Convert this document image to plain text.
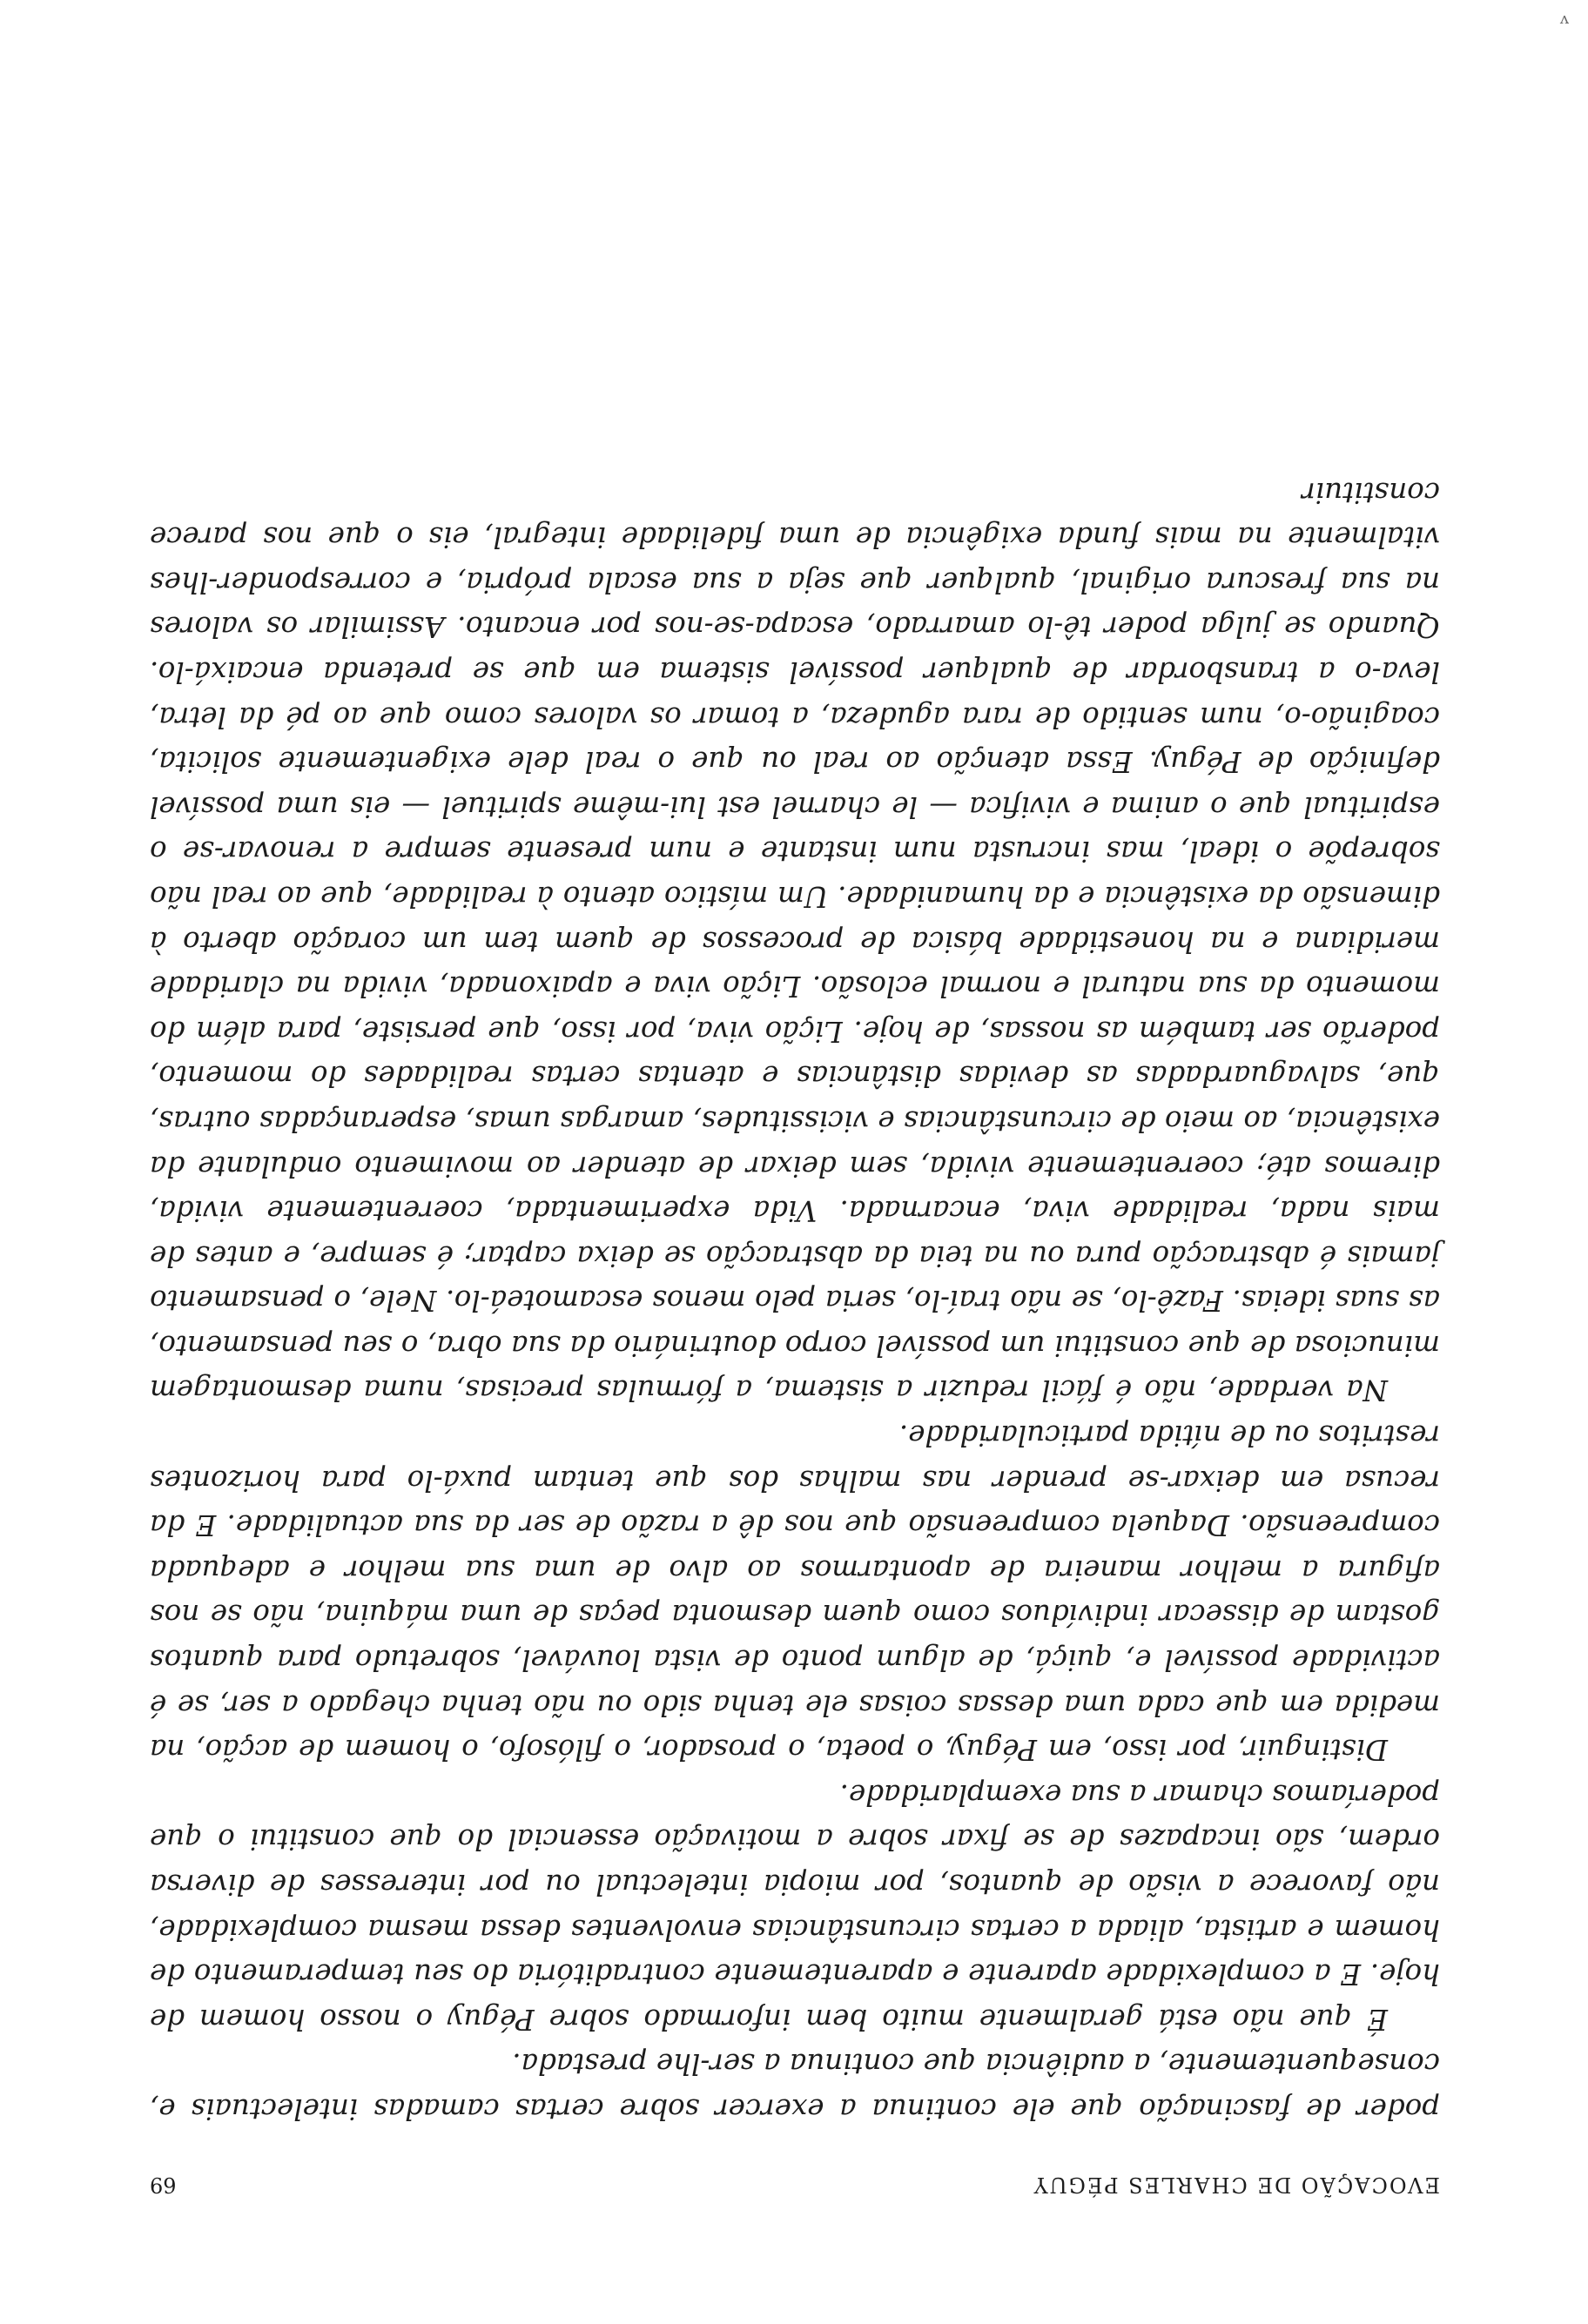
EVOCAÇÃO DE CHARLES PÉGUY
69

poder de fascinação que ele continua a exercer sobre certas camadas intelectuais e, consequentemente, a audiência que continua a ser-lhe prestada.

É que não está geralmente muito bem informado sobre Péguy o nosso homem de hoje. E a complexidade aparente e aparentemente contraditória do seu temperamento de homem e artista, aliada a certas circunstâncias envolventes dessa mesma complexidade, não favorece a visão de quantos, por miopia intelectual ou por interesses de diversa ordem, são incapazes de se fixar sobre a motivação essencial do que constitui o que poderíamos chamar a sua exemplaridade.

Distinguir, por isso, em Péguy, o poeta, o prosador, o filósofo, o homem de acção, na medida em que cada uma dessas coisas ele tenha sido ou não tenha chegado a ser, se é actividade possível e, quiçá, de algum ponto de vista louvável, sobretudo para quantos gostam de dissecar indivíduos como quem desmonta peças de uma máquina, não se nos afigura a melhor maneira de apontarmos ao alvo de uma sua melhor e adequada compreensão. Daquela compreensão que nos dê a razão de ser da sua actualidade. E da recusa em deixar-se prender nas malhas dos que tentam puxá-lo para horizontes restritos ou de nítida particularidade.

Na verdade, não é fácil reduzir a sistema, a fórmulas precisas, numa desmontagem minuciosa de que constitui um possível corpo doutrinário da sua obra, o seu pensamento, as suas ideias. Fazê-lo, se não traí-lo, seria pelo menos escamoteá-lo. Nele, o pensamento jamais é abstracção pura ou na teia da abstracção se deixa captar; é sempre, e antes de mais nada, realidade viva, encarnada. Vida experimentada, coerentemente vivida, diremos até; coerentemente vivida, sem deixar de atender ao movimento ondulante da existência, ao meio de circunstâncias e vicissitudes, amargas umas, esperançadas outras, que, salvaguardadas as devidas distâncias e atentas certas realidades do momento, poderão ser também as nossas, de hoje. Lição viva, por isso, que persiste, para além do momento da sua natural e normal eclosão. Lição viva e apaixonada, vivida na claridade meridiana e na honestidade básica de processos de quem tem um coração aberto à dimensão da existência e da humanidade. Um místico atento à realidade, que ao real não sobrepõe o ideal, mas incrusta num instante e num presente sempre a renovar-se o espiritual que o anima e vivifica — le charnel est lui-même spirituel — eis uma possível definição de Péguy. Essa atenção ao real ou que o real dele exigentemente solicita, coaginão-o, num sentido de rara agudeza, a tomar os valores como que ao pé da letra, leva-o a transbordar de qualquer possível sistema em que se pretenda encaixá-lo. Quando se julga poder tê-lo amarrado, escapa-se-nos por encanto. Assimilar os valores na sua frescura original, qualquer que seja a sua escala própria, e corresponder-lhes vitalmente na mais funda exigência de uma fidelidade integral, eis o que nos parece constituir

v
